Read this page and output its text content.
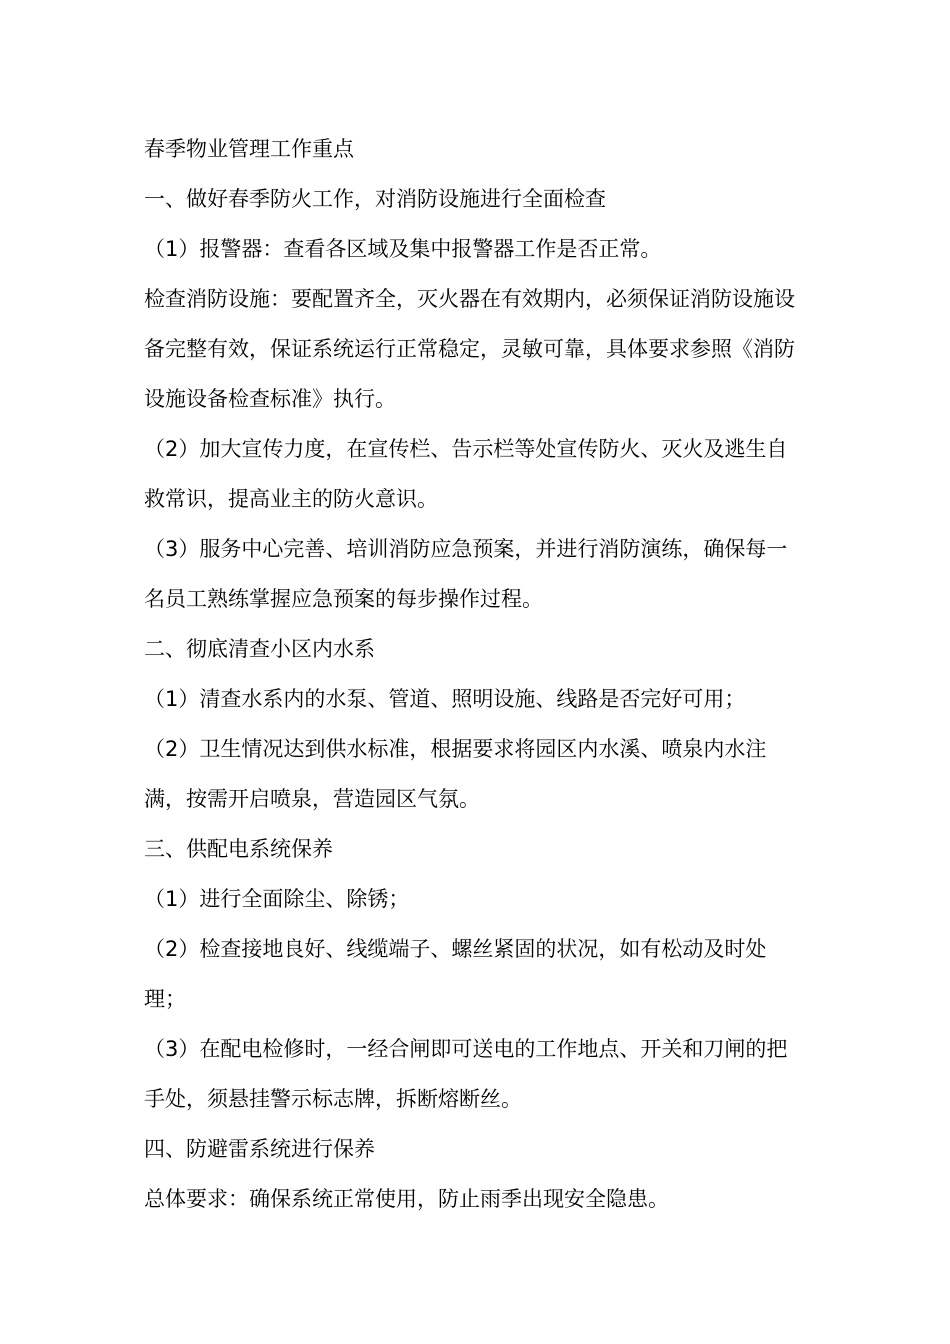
春季物业管理工作重点

一、做好春季防火工作，对消防设施进行全面检查

（1）报警器：查看各区域及集中报警器工作是否正常。

检查消防设施：要配置齐全，灭火器在有效期内，必须保证消防设施设备完整有效，保证系统运行正常稳定，灵敏可靠，具体要求参照《消防设施设备检查标准》执行。

（2）加大宣传力度，在宣传栏、告示栏等处宣传防火、灭火及逃生自救常识，提高业主的防火意识。

（3）服务中心完善、培训消防应急预案，并进行消防演练，确保每一名员工熟练掌握应急预案的每步操作过程。

二、彻底清查小区内水系

（1）清查水系内的水泵、管道、照明设施、线路是否完好可用；

（2）卫生情况达到供水标准，根据要求将园区内水溪、喷泉内水注满，按需开启喷泉，营造园区气氛。

三、供配电系统保养

（1）进行全面除尘、除锈；

（2）检查接地良好、线缆端子、螺丝紧固的状况，如有松动及时处理；

（3）在配电检修时，一经合闸即可送电的工作地点、开关和刀闸的把手处，须悬挂警示标志牌，拆断熔断丝。

四、防避雷系统进行保养

总体要求：确保系统正常使用，防止雨季出现安全隐患。
